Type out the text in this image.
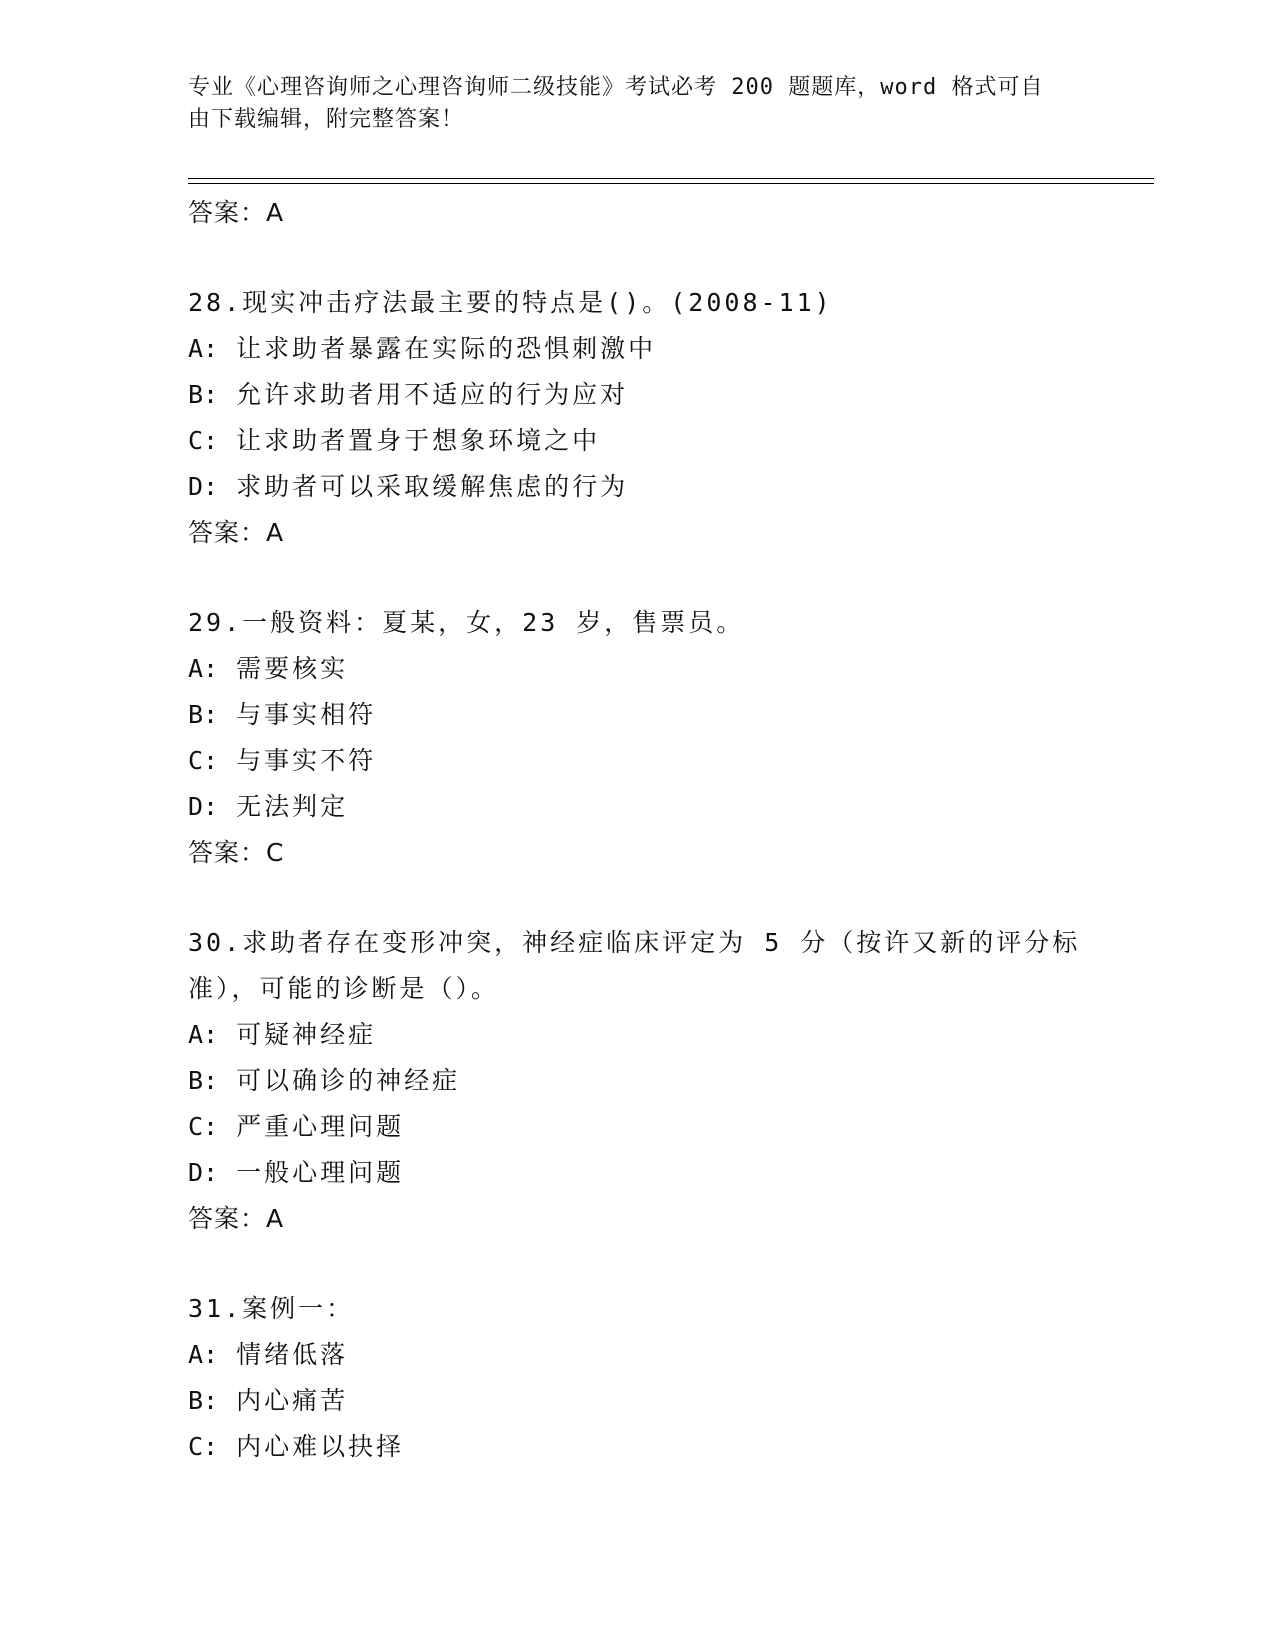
专业《心理咨询师之心理咨询师二级技能》考试必考 200 题题库，word 格式可自
由下载编辑，附完整答案！
答案：A
28.现实冲击疗法最主要的特点是()。(2008-11)
A: 让求助者暴露在实际的恐惧刺激中
B: 允许求助者用不适应的行为应对
C: 让求助者置身于想象环境之中
D: 求助者可以采取缓解焦虑的行为
答案：A
29.一般资料：夏某，女，23 岁，售票员。
A: 需要核实
B: 与事实相符
C: 与事实不符
D: 无法判定
答案：C
30.求助者存在变形冲突，神经症临床评定为 5 分（按许又新的评分标
准），可能的诊断是（）。
A: 可疑神经症
B: 可以确诊的神经症
C: 严重心理问题
D: 一般心理问题
答案：A
31.案例一：
A: 情绪低落
B: 内心痛苦
C: 内心难以抉择
